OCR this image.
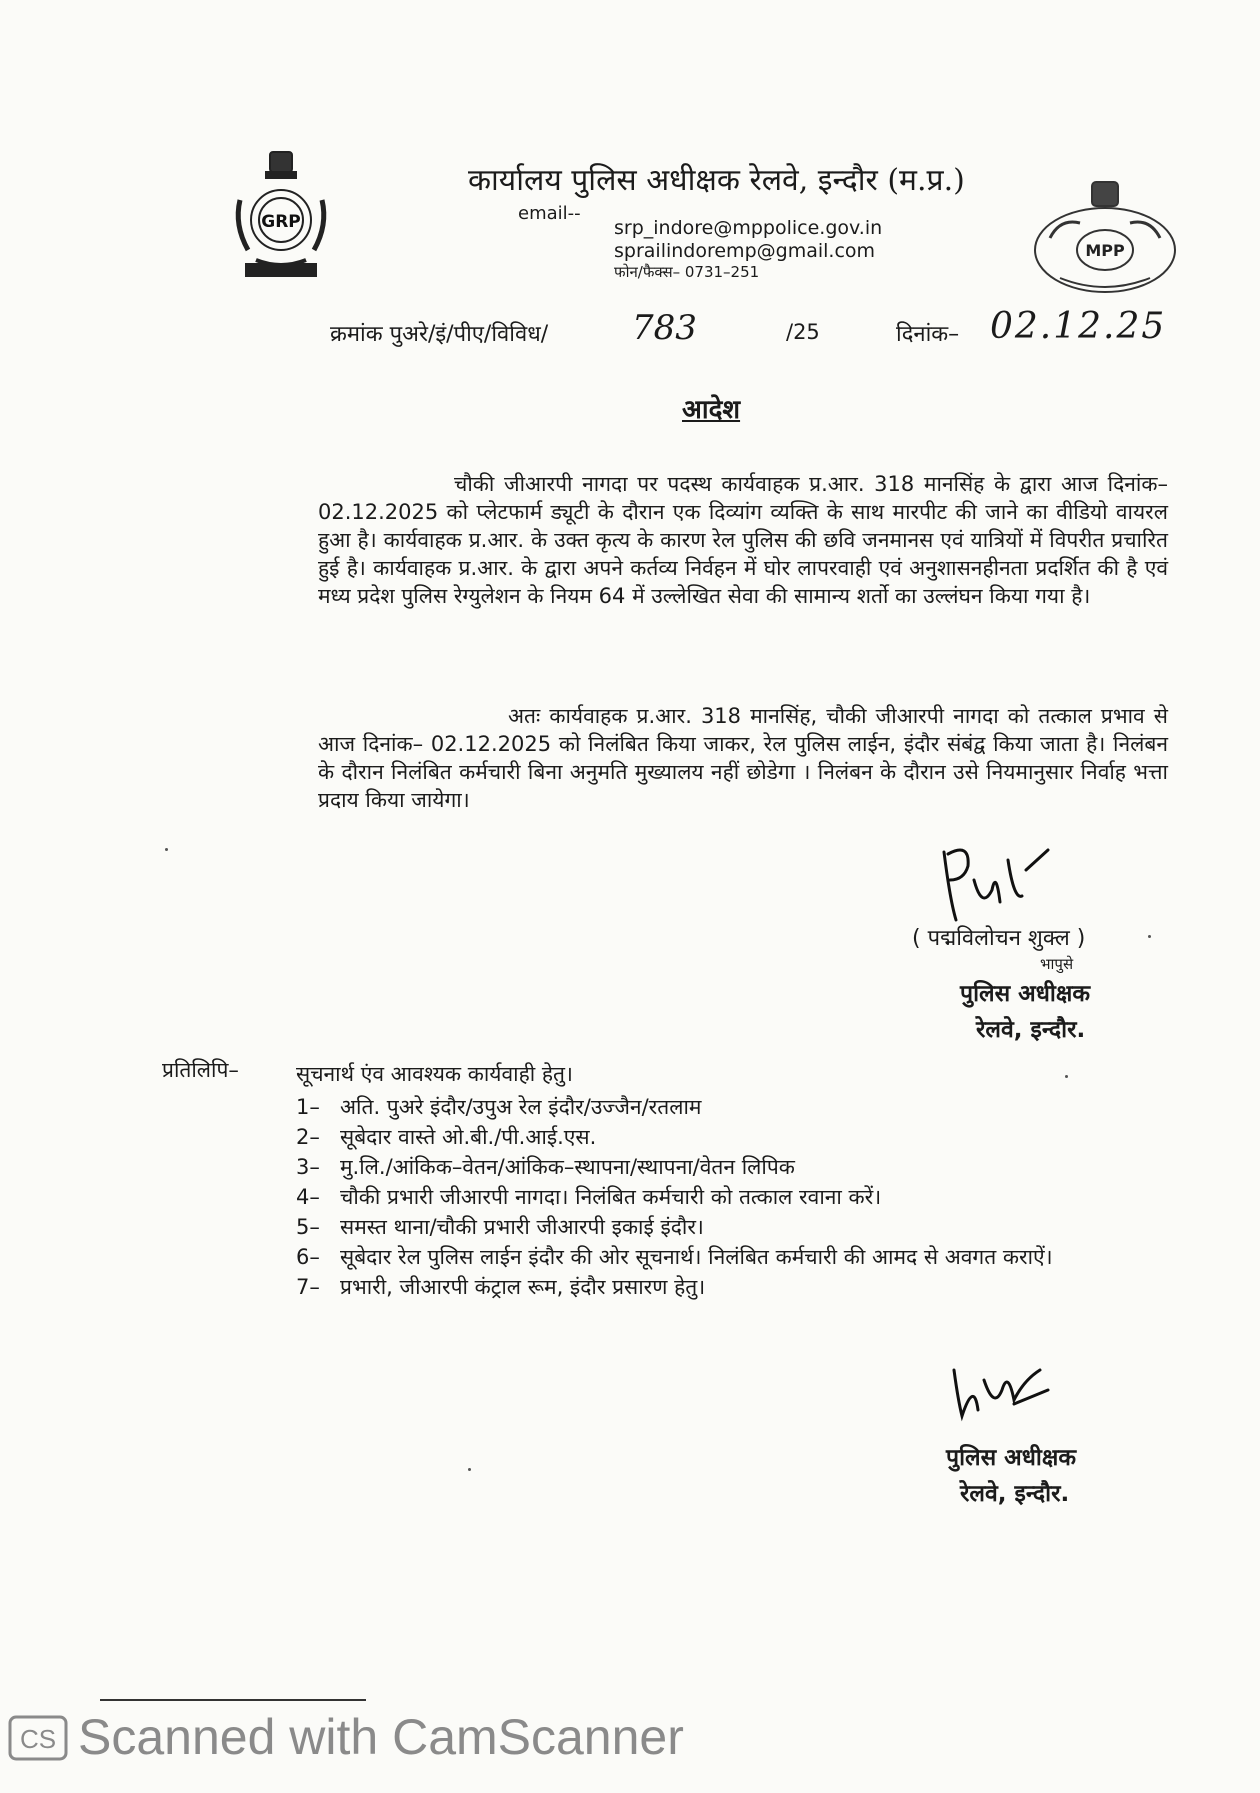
GRP
MPP
कार्यालय पुलिस अधीक्षक रेलवे, इन्दौर (म.प्र.)
email--
srp_indore@mppolice.gov.in
sprailindoremp@gmail.com
फोन/फैक्स– 0731–251
क्रमांक पुअरे/इं/पीए/विविध/ 783	/25	दिनांक– 02.12.25
आदेश
चौकी जीआरपी नागदा पर पदस्थ कार्यवाहक प्र.आर. 318 मानसिंह के द्वारा आज दिनांक– 02.12.2025 को प्लेटफार्म ड्यूटी के दौरान एक दिव्यांग व्यक्ति के साथ मारपीट की जाने का वीडियो वायरल हुआ है। कार्यवाहक प्र.आर. के उक्त कृत्य के कारण रेल पुलिस की छवि जनमानस एवं यात्रियों में विपरीत प्रचारित हुई है। कार्यवाहक प्र.आर. के द्वारा अपने कर्तव्य निर्वहन में घोर लापरवाही एवं अनुशासनहीनता प्रदर्शित की है एवं मध्य प्रदेश पुलिस रेग्युलेशन के नियम 64 में उल्लेखित सेवा की सामान्य शर्तो का उल्लंघन किया गया है।
अतः कार्यवाहक प्र.आर. 318 मानसिंह, चौकी जीआरपी नागदा को तत्काल प्रभाव से आज दिनांक– 02.12.2025 को निलंबित किया जाकर, रेल पुलिस लाईन, इंदौर संबंद्व किया जाता है। निलंबन के दौरान निलंबित कर्मचारी बिना अनुमति मुख्यालय नहीं छोडेगा । निलंबन के दौरान उसे नियमानुसार निर्वाह भत्ता प्रदाय किया जायेगा।
( पद्मविलोचन शुक्ल )
भापुसे
पुलिस अधीक्षक
रेलवे, इन्दौर.
प्रतिलिपि–	सूचनार्थ एंव आवश्यक कार्यवाही हेतु।
1– अति. पुअरे इंदौर/उपुअ रेल इंदौर/उज्जैन/रतलाम
2– सूबेदार वास्ते ओ.बी./पी.आई.एस.
3– मु.लि./आंकिक–वेतन/आंकिक–स्थापना/स्थापना/वेतन लिपिक
4– चौकी प्रभारी जीआरपी नागदा। निलंबित कर्मचारी को तत्काल रवाना करें।
5– समस्त थाना/चौकी प्रभारी जीआरपी इकाई इंदौर।
6– सूबेदार रेल पुलिस लाईन इंदौर की ओर सूचनार्थ। निलंबित कर्मचारी की आमद से अवगत कराऐं।
7– प्रभारी, जीआरपी कंट्राल रूम, इंदौर प्रसारण हेतु।
पुलिस अधीक्षक
रेलवे, इन्दौर.
CS Scanned with CamScanner
